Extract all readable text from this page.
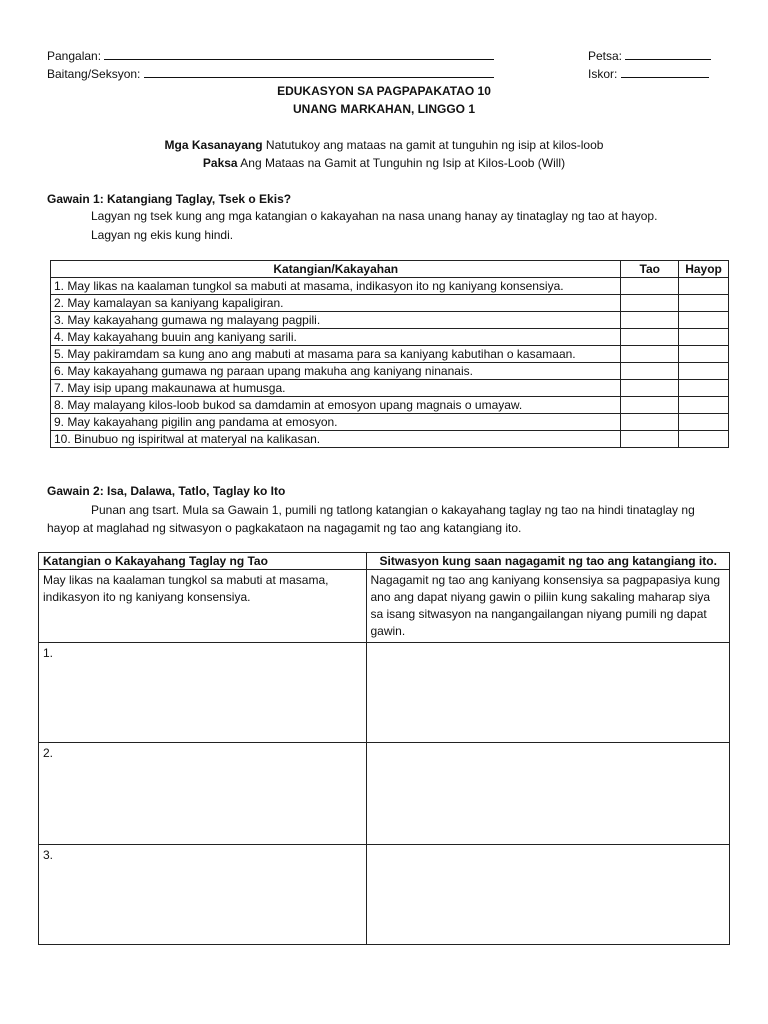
Pangalan:
Baitang/Seksyon:
Petsa:
Iskor:
EDUKASYON SA PAGPAPAKATAO 10
UNANG MARKAHAN, LINGGO 1
Mga Kasanayang Natutukoy ang mataas na gamit at tunguhin ng isip at kilos-loob
Paksa Ang Mataas na Gamit at Tunguhin ng Isip at Kilos-Loob (Will)
Gawain 1: Katangiang Taglay, Tsek o Ekis?
Lagyan ng tsek kung ang mga katangian o kakayahan na nasa unang hanay ay tinataglay ng tao at hayop.
Lagyan ng ekis kung hindi.
Katangian/Kakayahan	Tao	Hayop
1. May likas na kaalaman tungkol sa mabuti at masama, indikasyon ito ng kaniyang konsensiya.		
2. May kamalayan sa kaniyang kapaligiran.		
3. May kakayahang gumawa ng malayang pagpili.		
4. May kakayahang buuin ang kaniyang sarili.		
5. May pakiramdam sa kung ano ang mabuti at masama para sa kaniyang kabutihan o kasamaan.		
6. May kakayahang gumawa ng paraan upang makuha ang kaniyang ninanais.		
7. May isip upang makaunawa at humusga.		
8. May malayang kilos-loob bukod sa damdamin at emosyon upang magnais o umayaw.		
9. May kakayahang pigilin ang pandama at emosyon.		
10. Binubuo ng ispiritwal at materyal na kalikasan.		
Gawain 2: Isa, Dalawa, Tatlo, Taglay ko Ito
Punan ang tsart. Mula sa Gawain 1, pumili ng tatlong katangian o kakayahang taglay ng tao na hindi tinataglay ng hayop at maglahad ng sitwasyon o pagkakataon na nagagamit ng tao ang katangiang ito.
Katangian o Kakayahang Taglay ng Tao	Sitwasyon kung saan nagagamit ng tao ang katangiang ito.
May likas na kaalaman tungkol sa mabuti at masama, indikasyon ito ng kaniyang konsensiya.	Nagagamit ng tao ang kaniyang konsensiya sa pagpapasiya kung ano ang dapat niyang gawin o piliin kung sakaling maharap siya sa isang sitwasyon na nangangailangan niyang pumili ng dapat gawin.
1.	
2.	
3.	
